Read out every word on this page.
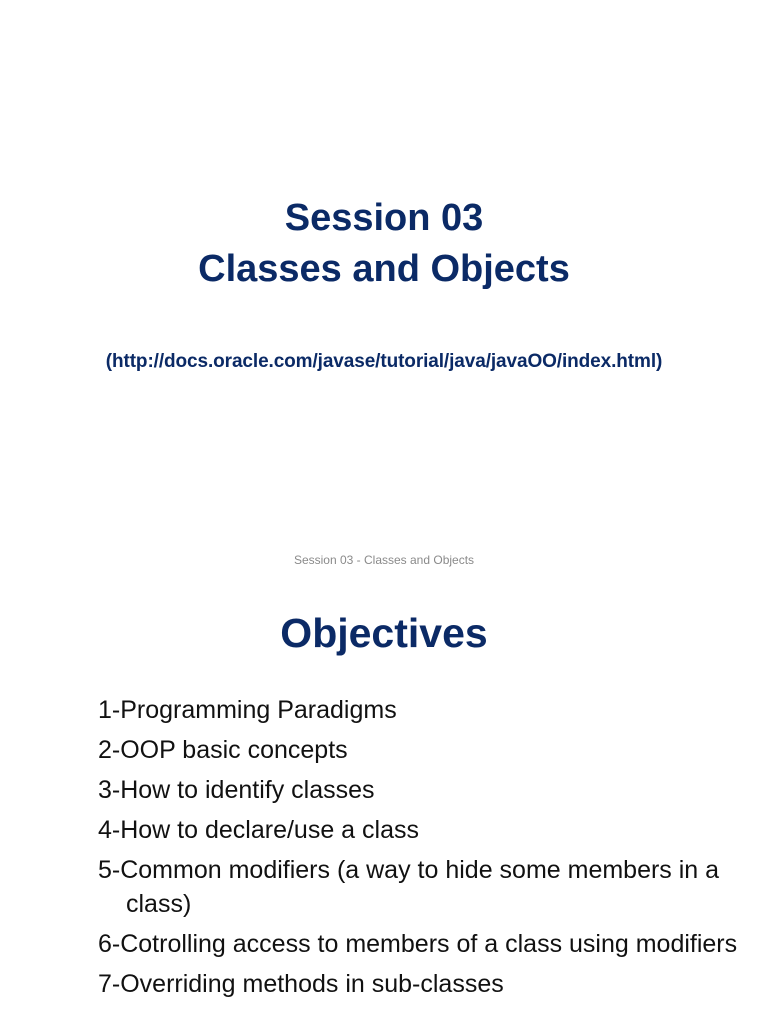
Session 03
Classes and Objects
(http://docs.oracle.com/javase/tutorial/java/javaOO/index.html)
Session 03 - Classes and Objects
Objectives
1-Programming Paradigms
2-OOP basic concepts
3-How to identify classes
4-How to declare/use a class
5-Common modifiers (a way to hide some members in a class)
6-Cotrolling access to members of a class using modifiers
7-Overriding methods in sub-classes
